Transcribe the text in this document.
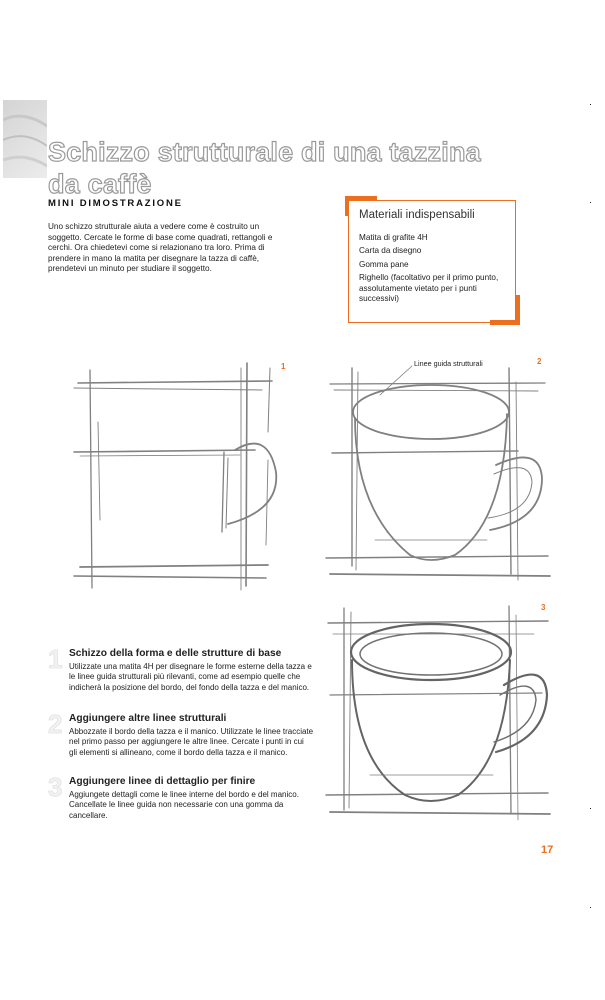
Schizzo strutturale di una tazzina
da caffè
MINI DIMOSTRAZIONE
Uno schizzo strutturale aiuta a vedere come è costruito un soggetto. Cercate le forme di base come quadrati, rettangoli e cerchi. Ora chiedetevi come si relazionano tra loro. Prima di prendere in mano la matita per disegnare la tazza di caffè, prendetevi un minuto per studiare il soggetto.
Materiali indispensabili
Matita di grafite 4H
Carta da disegno
Gomma pane
Righello (facoltativo per il primo punto, assolutamente vietato per i punti successivi)
1
2
3
Linee guida strutturali
1 Schizzo della forma e delle strutture di base
Utilizzate una matita 4H per disegnare le forme esterne della tazza e le linee guida strutturali più rilevanti, come ad esempio quelle che indicherà la posizione del bordo, del fondo della tazza e del manico.
2 Aggiungere altre linee strutturali
Abbozzate il bordo della tazza e il manico. Utilizzate le linee tracciate nel primo passo per aggiungere le altre linee. Cercate i punti in cui gli elementi si allineano, come il bordo della tazza e il manico.
3 Aggiungere linee di dettaglio per finire
Aggiungete dettagli come le linee interne del bordo e del manico. Cancellate le linee guida non necessarie con una gomma da cancellare.
17
